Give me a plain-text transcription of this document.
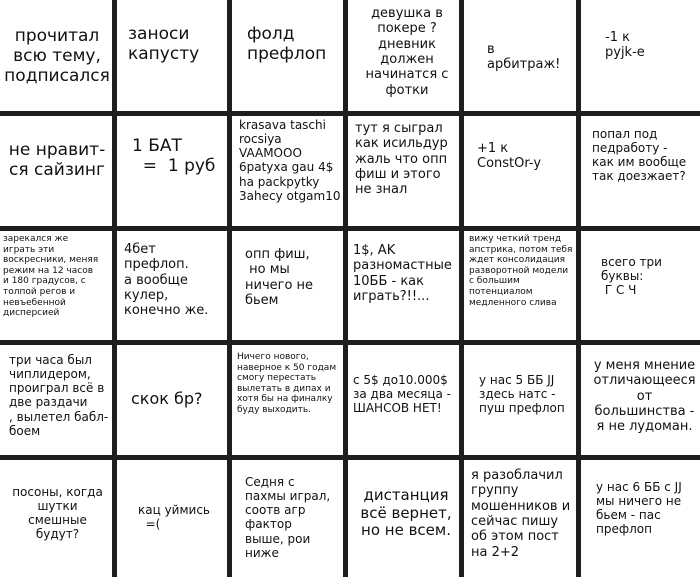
прочитал
всю тему,
подписался
заноси
капусту
фолд
префлоп
девушка в
покере ?
дневник
должен
начинатся с
фотки
в
арбитраж!
-1 к
pyjk-e
не нравит-
ся сайзинг
1 БАТ
=  1 руб
krasava taschi
rocsiya
VAAMOOO
6patyxa gau 4$
ha packpytky
3ahecy otgam10
тут я сыграл
как исильдур
жаль что опп
фиш и этого
не знал
+1 к
ConstOr-y
попал под
педработу -
как им вообще
так доезжает?
зарекался же
играть эти
воскресники, меняя
режим на 12 часов
и 180 градусов, с
толпой регов и
невъебенной
дисперсией
4бет
префлоп.
а вообще
кулер,
конечно же.
опп фиш,
но мы
ничего не
бьем
1$, AK
разномастные
10ББ - как
играть?!!...
вижу четкий тренд
апстрика, потом тебя
ждет консолидация
разворотной модели
с большим
потенциалом
медленного слива
всего три
буквы:
Г С Ч
три часа был
чиплидером,
проиграл всё в
две раздачи
, вылетел бабл-
боем
скок бр?
Ничего нового,
наверное к 50 годам
смогу перестать
вылетать в дипах и
хотя бы на финалку
буду выходить.
с 5$ до10.000$
за два месяца -
ШАНСОВ НЕТ!
у нас 5 ББ JJ
здесь натс -
пуш префлоп
у меня мнение
отличающееся
от
большинства -
я не лудоман.
посоны, когда
шутки
смешные
будут?
кац уймись
=(
Седня с
пахмы играл,
соотв агр
фактор
выше, рои
ниже
дистанция
всё вернет,
но не всем.
я разоблачил
группу
мошенников и
сейчас пишу
об этом пост
на 2+2
у нас 6 ББ с JJ
мы ничего не
бьем - пас
префлоп
